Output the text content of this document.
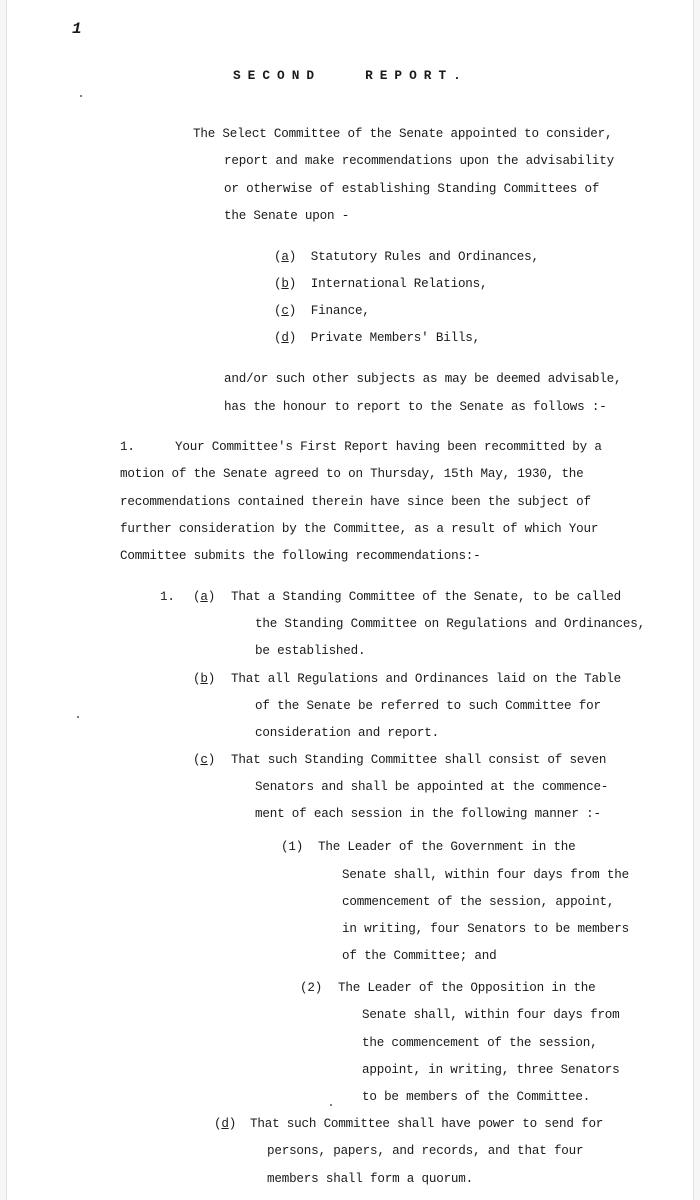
1
SECOND	REPORT.
The Select Committee of the Senate appointed to consider,
report and make recommendations upon the advisability
or otherwise of establishing Standing Committees of
the Senate upon -
(a)  Statutory Rules and Ordinances,
(b)  International Relations,
(c)  Finance,
(d)  Private Members' Bills,
and/or such other subjects as may be deemed advisable,
has the honour to report to the Senate as follows :-
1.	Your Committee's First Report having been recommitted by a
motion of the Senate agreed to on Thursday, 15th May, 1930, the
recommendations contained therein have since been the subject of
further consideration by the Committee, as a result of which Your
Committee submits the following recommendations:-
1. (a) That a Standing Committee of the Senate, to be called
the Standing Committee on Regulations and Ordinances,
be established.
(b) That all Regulations and Ordinances laid on the Table
of the Senate be referred to such Committee for
consideration and report.
(c) That such Standing Committee shall consist of seven
Senators and shall be appointed at the commence-
ment of each session in the following manner :-
(1) The Leader of the Government in the
Senate shall, within four days from the
commencement of the session, appoint,
in writing, four Senators to be members
of the Committee; and
(2) The Leader of the Opposition in the
Senate shall, within four days from
the commencement of the session,
appoint, in writing, three Senators
to be members of the Committee.
(d) That such Committee shall have power to send for
persons, papers, and records, and that four
members shall form a quorum.
